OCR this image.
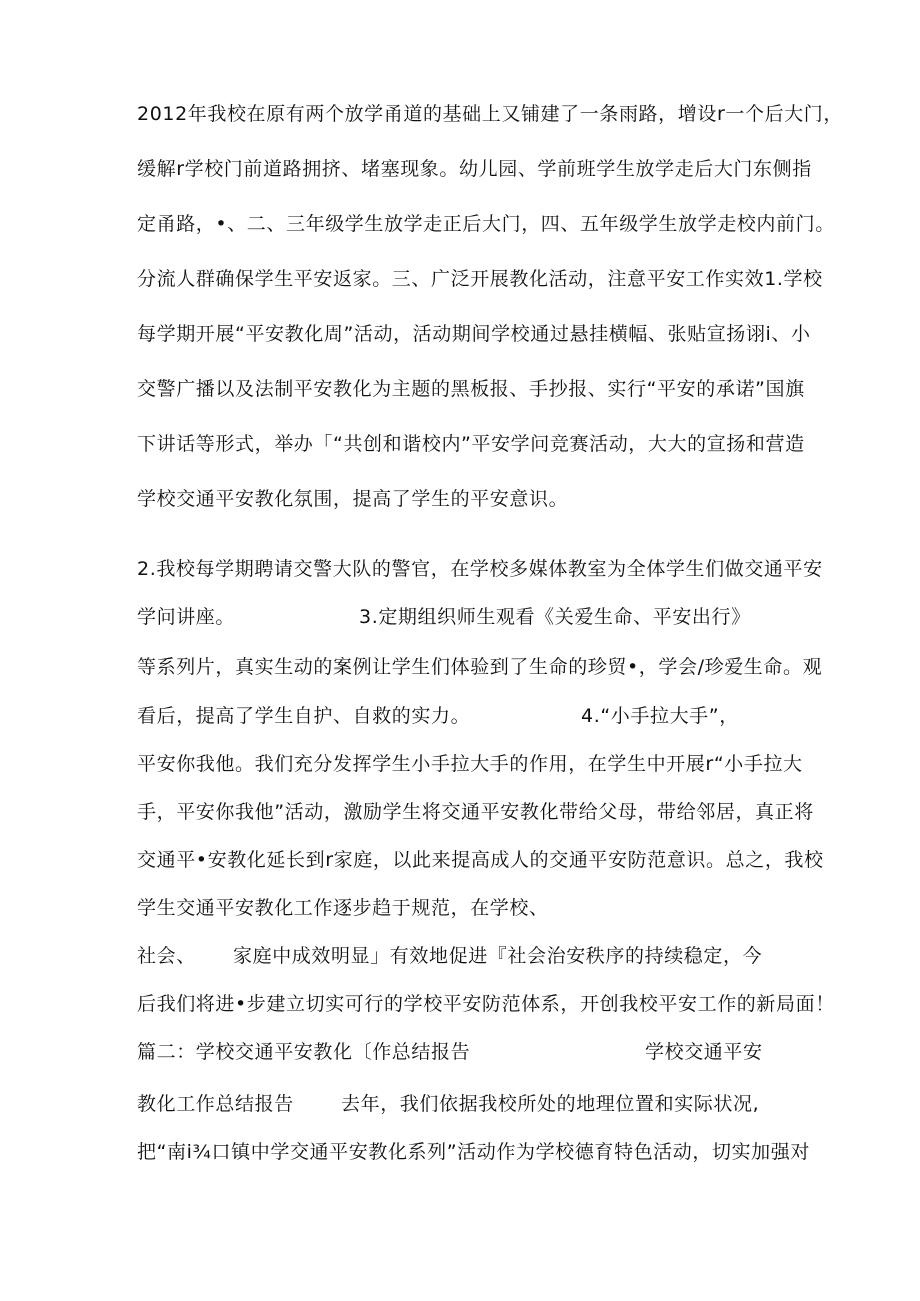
2012年我校在原有两个放学甬道的基础上又铺建了一条雨路，增设r一个后大门，
缓解r学校门前道路拥挤、堵塞现象。幼儿园、学前班学生放学走后大门东侧指
定甬路，•、二、三年级学生放学走正后大门，四、五年级学生放学走校内前门。
分流人群确保学生平安返家。三、广泛开展教化活动，注意平安工作实效1.学校
每学期开展“平安教化周”活动，活动期间学校通过悬挂横幅、张贴宣扬诩i、小
交警广播以及法制平安教化为主题的黑板报、手抄报、实行“平安的承诺”国旗
下讲话等形式，举办「“共创和谐校内”平安学问竞赛活动，大大的宣扬和营造
学校交通平安教化氛围，提高了学生的平安意识。
2.我校每学期聘请交警大队的警官，在学校多媒体教室为全体学生们做交通平安
学问讲座。	3.定期组织师生观看《关爱生命、平安出行》
等系列片，真实生动的案例让学生们体验到了生命的珍贸•，学会/珍爱生命。观
看后，提高了学生自护、自救的实力。	4.“小手拉大手”，
平安你我他。我们充分发挥学生小手拉大手的作用，在学生中开展r“小手拉大
手，平安你我他”活动，激励学生将交通平安教化带给父母，带给邻居，真正将
交通平•安教化延长到r家庭，以此来提高成人的交通平安防范意识。总之，我校
学生交通平安教化工作逐步趋于规范，在学校、
社会、 家庭中成效明显」有效地促进『社会治安秩序的持续稳定，今
后我们将进•步建立切实可行的学校平安防范体系，开创我校平安工作的新局面！
篇二：学校交通平安教化〔作总结报告	学校交通平安
教化工作总结报告 去年，我们依据我校所处的地理位置和实际状况,
把“南i¾口镇中学交通平安教化系列”活动作为学校德育特色活动，切实加强对
